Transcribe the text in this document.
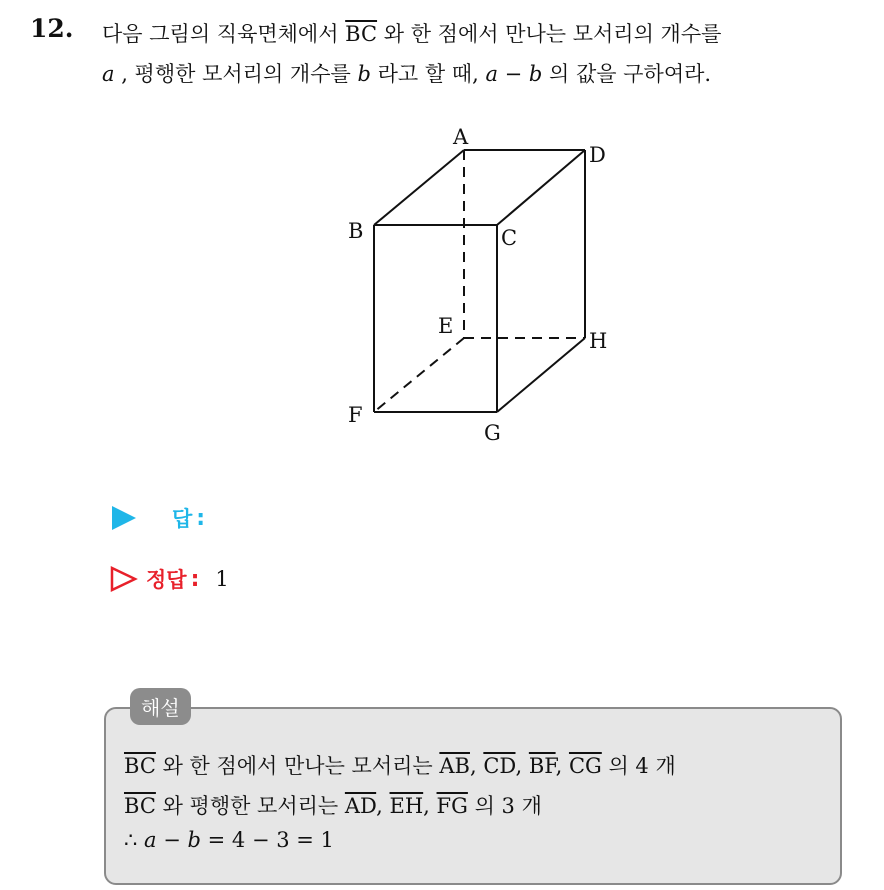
12. 다음 그림의 직육면체에서 $\overline{BC}$ 와 한 점에서 만나는 모서리의 개수를
a , 평행한 모서리의 개수를 b 라고 할 때, a − b 의 값을 구하여라.
A
D
B	C
E
H
F
G
답 :
정답 : 1
해설
$\overline{BC}$ 와 한 점에서 만나는 모서리는 $\overline{AB}$, $\overline{CD}$, $\overline{BF}$, $\overline{CG}$ 의 4 개
$\overline{BC}$ 와 평행한 모서리는 $\overline{AD}$, $\overline{EH}$, $\overline{FG}$ 의 3 개
∴ a − b = 4 − 3 = 1
